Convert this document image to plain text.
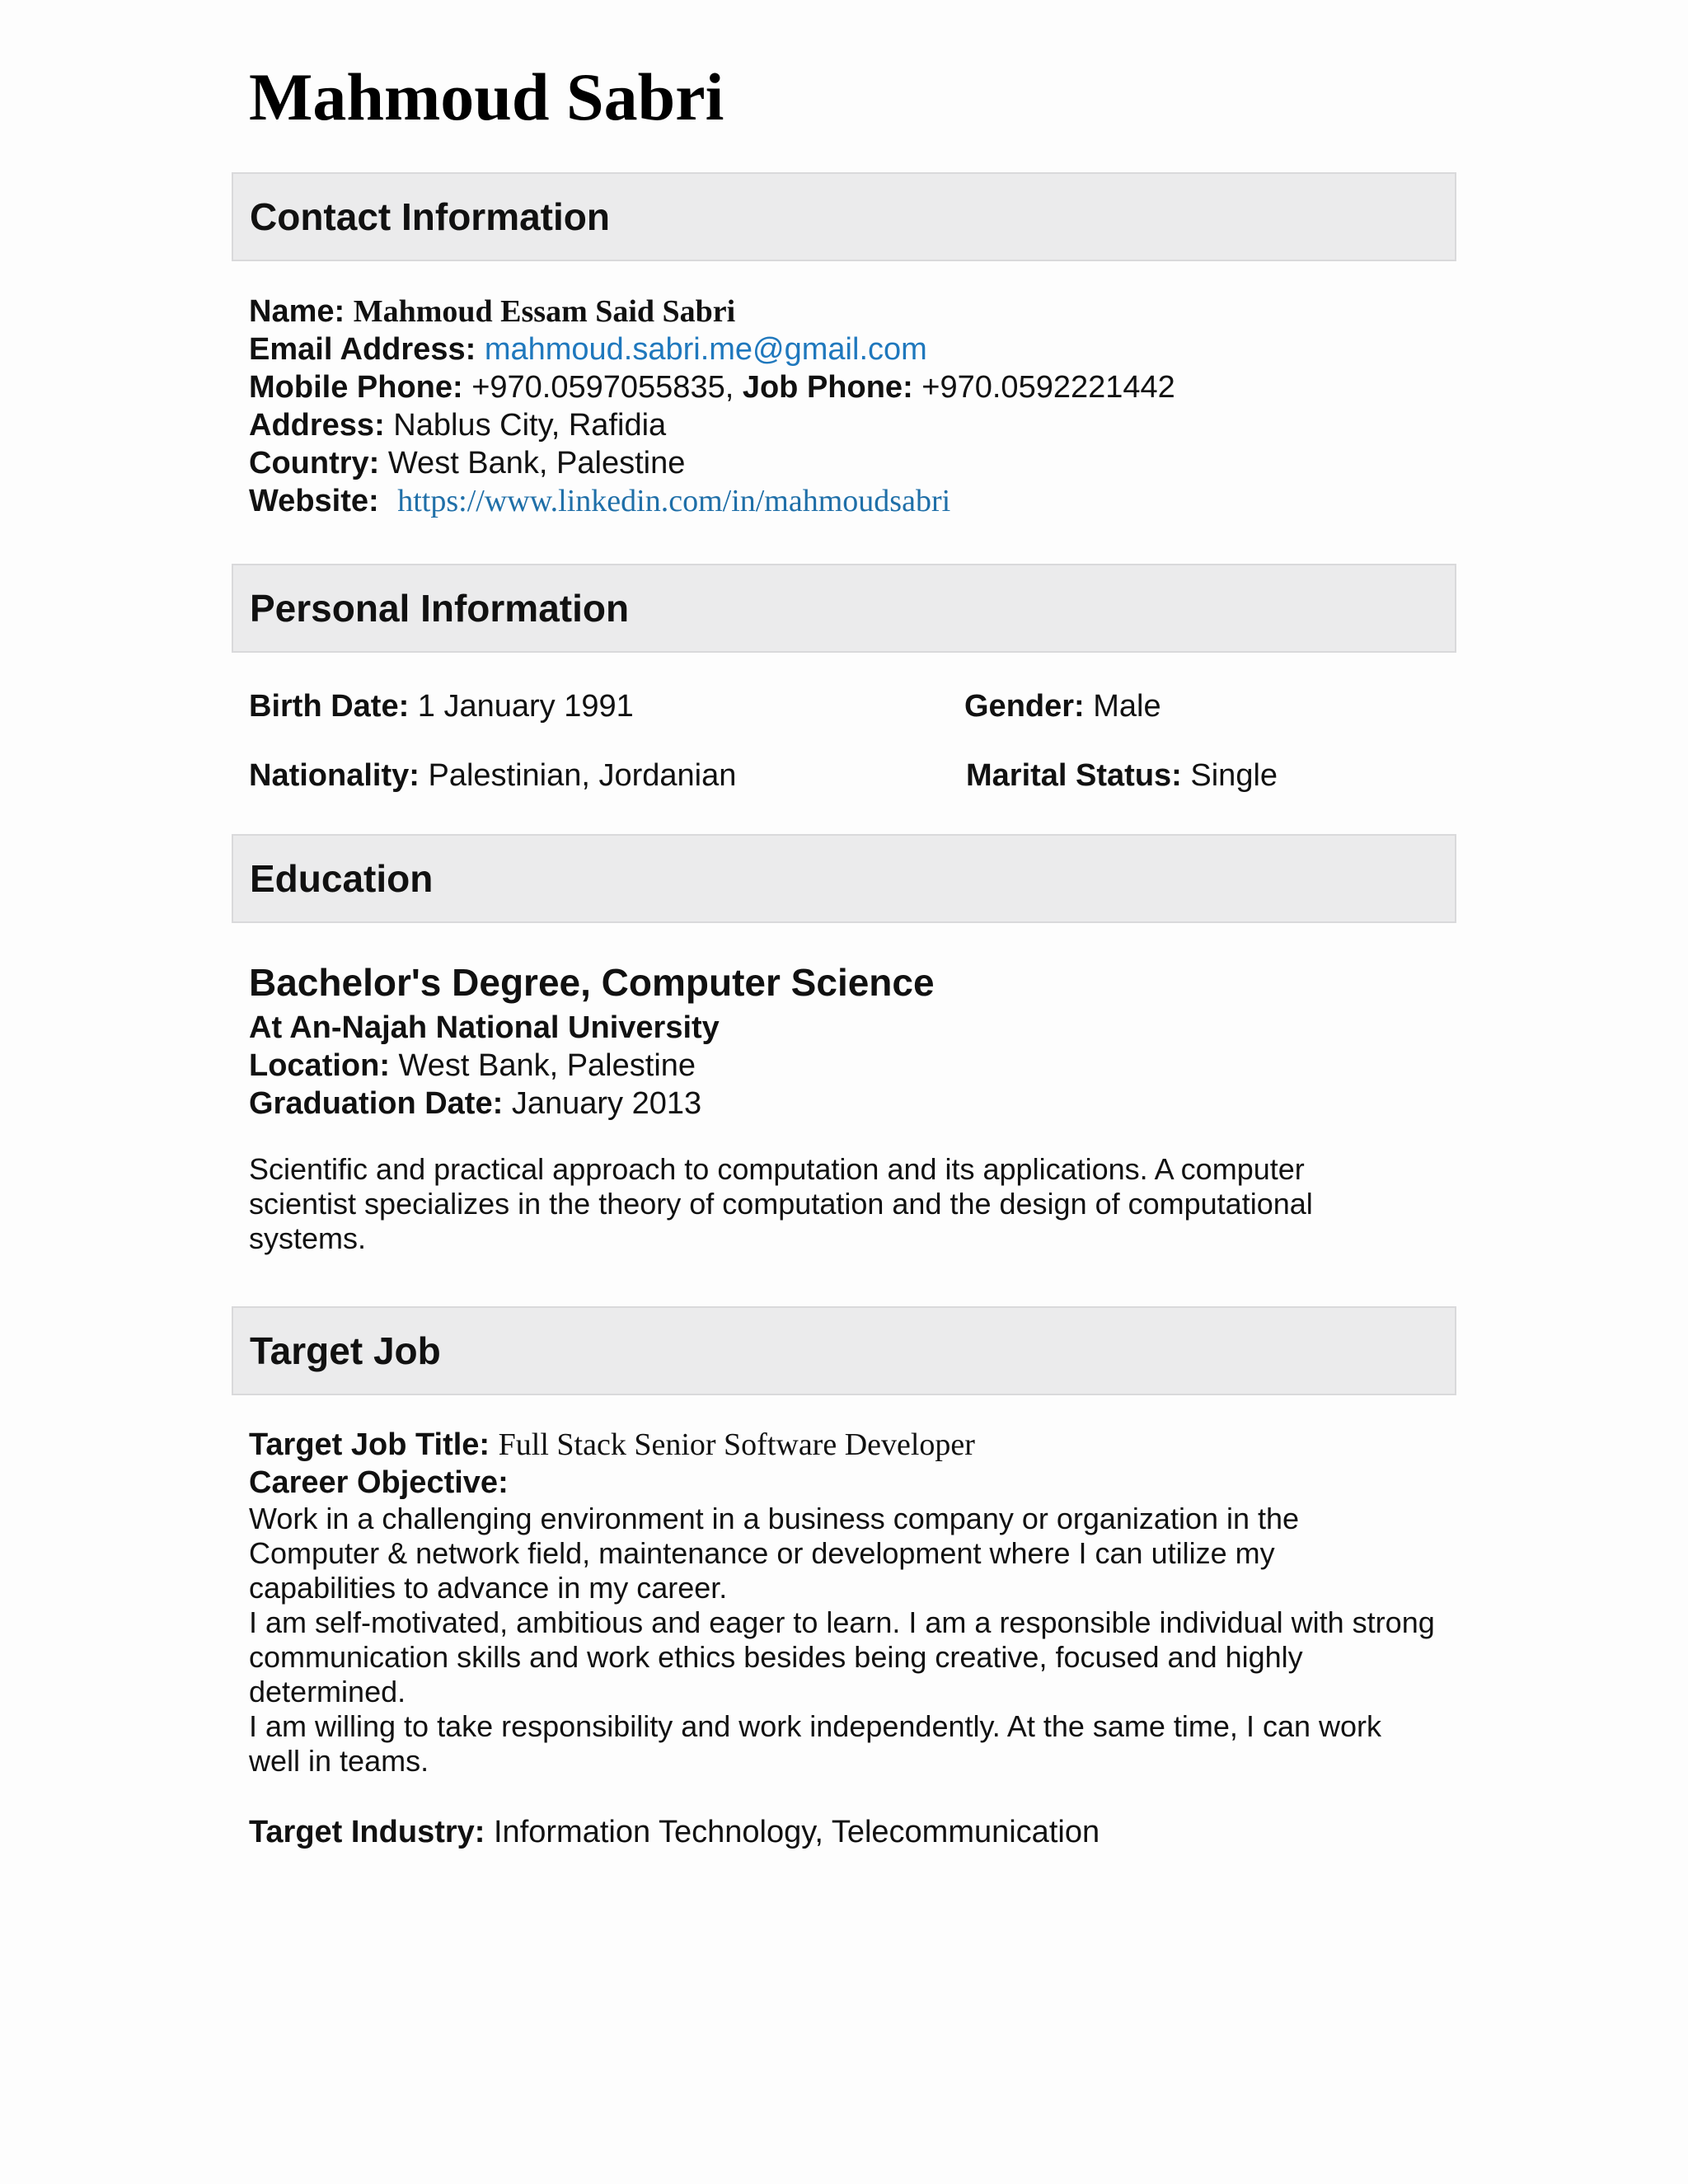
Mahmoud Sabri
Contact Information
Name: Mahmoud Essam Said Sabri
Email Address: mahmoud.sabri.me@gmail.com
Mobile Phone: +970.0597055835, Job Phone: +970.0592221442
Address: Nablus City, Rafidia
Country: West Bank, Palestine
Website: https://www.linkedin.com/in/mahmoudsabri
Personal Information
Birth Date: 1 January 1991	Gender: Male
Nationality: Palestinian, Jordanian	Marital Status: Single
Education
Bachelor's Degree, Computer Science
At An-Najah National University
Location: West Bank, Palestine
Graduation Date: January 2013

Scientific and practical approach to computation and its applications. A computer scientist specializes in the theory of computation and the design of computational systems.

Target Job
Target Job Title: Full Stack Senior Software Developer
Career Objective:

Work in a challenging environment in a business company or organization in the Computer & network field, maintenance or development where I can utilize my capabilities to advance in my career.

I am self-motivated, ambitious and eager to learn. I am a responsible individual with strong communication skills and work ethics besides being creative, focused and highly determined.

I am willing to take responsibility and work independently. At the same time, I can work well in teams.

Target Industry: Information Technology, Telecommunication
